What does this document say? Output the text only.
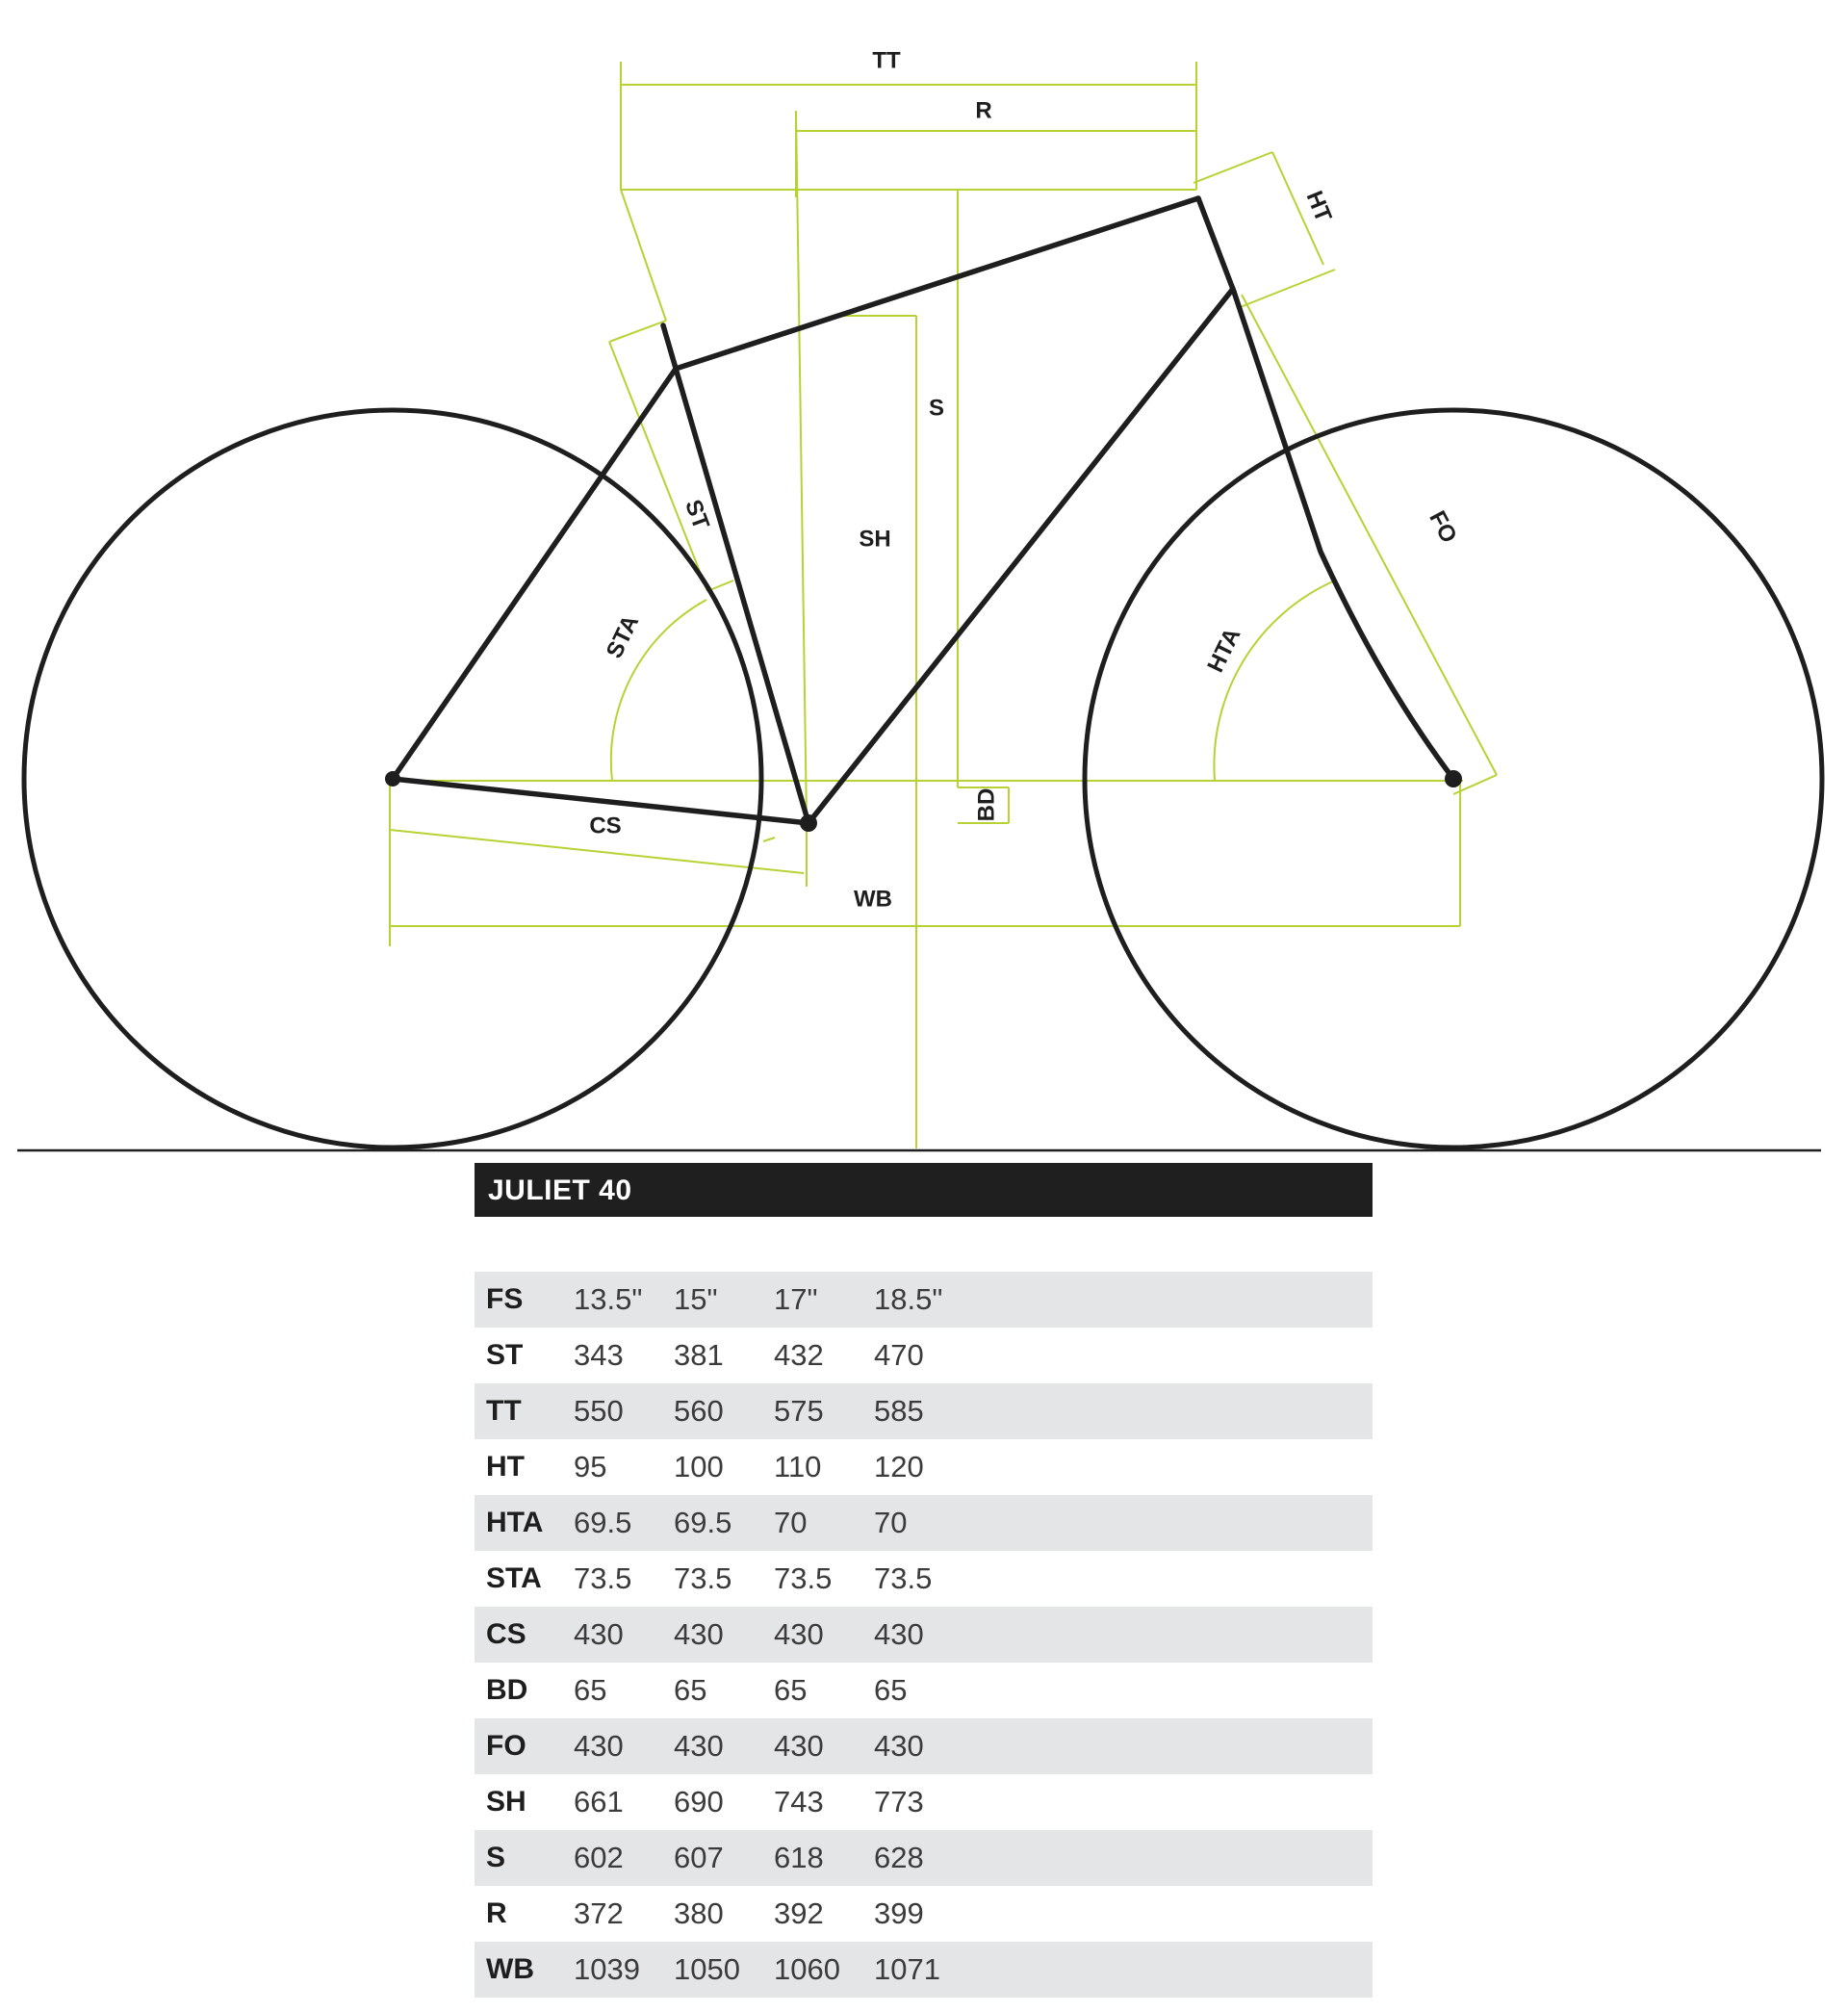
TT
R
HT
S
ST
SH
STA
FO
HTA
BD
CS
WB
JULIET 40
FS	13.5"	15"	17"	18.5"
ST	343	381	432	470
TT	550	560	575	585
HT	95	100	110	120
HTA	69.5	69.5	70	70
STA	73.5	73.5	73.5	73.5
CS	430	430	430	430
BD	65	65	65	65
FO	430	430	430	430
SH	661	690	743	773
S	602	607	618	628
R	372	380	392	399
WB	1039	1050	1060	1071
